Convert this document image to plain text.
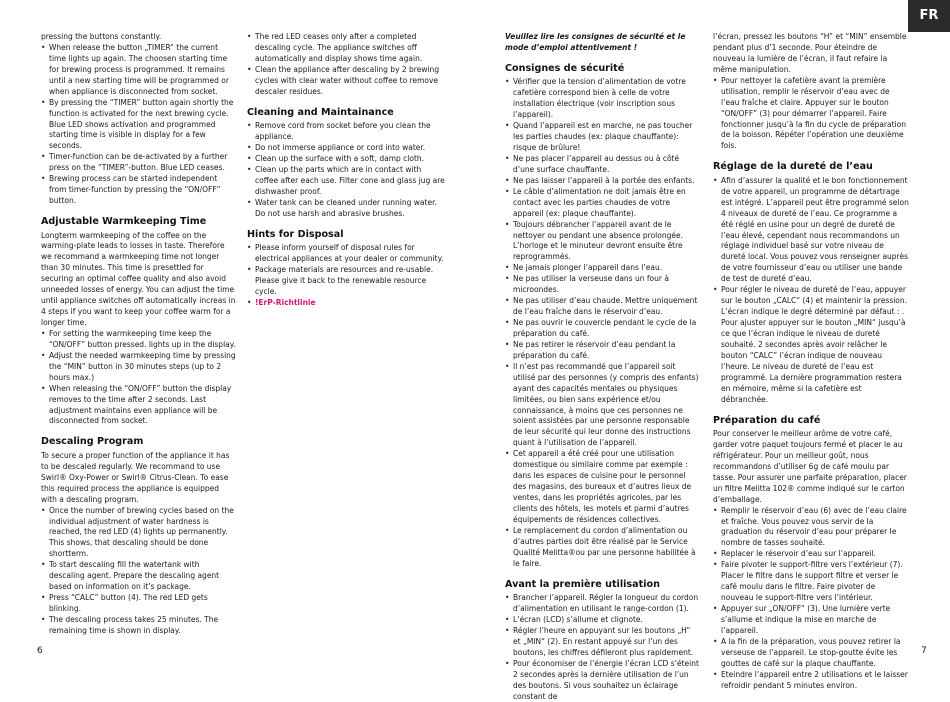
FR

pressing the buttons constantly.

• When release the button „TIMER“ the current time lights up again. The choosen starting time for brewing process is programmed. It remains until a new starting time will be programmed or when appliance is disconnected from socket.
• By pressing the “TIMER” button again shortly the function is activated for the next brewing cycle. Blue LED shows activation and programmed starting time is visible in display for a few seconds.
• Timer-function can be de-activated by a further press on the “TIMER”-button. Blue LED ceases.
• Brewing process can be started independent from timer-function by pressing the “ON/OFF” button.
Adjustable Warmkeeping Time

Longterm warmkeeping of the coffee on the warming-plate leads to losses in taste. Therefore we recommand a warmkeeping time not longer than 30 minutes. This time is presettled for securing an optimal coffee quality and also avoid unneeded losses of energy. You can adjust the time until appliance switches off automatically increas in 4 steps if you want to keep your coffee warm for a longer time.

• For setting the warmkeeping time keep the “ON/OFF” button pressed. lights up in the display.
• Adjust the needed warmkeeping time by pressing the “MIN” button in 30 minutes steps (up to 2 hours max.)
• When releasing the “ON/OFF” button the display removes to the time after 2 seconds. Last adjustment maintains even appliance will be disconnected from socket.
Descaling Program

To secure a proper function of the appliance it has to be descaled regularly. We recommand to use Swirl® Oxy-Power or Swirl® Citrus-Clean. To ease this required process the appliance is equipped with a descaling program.

• Once the number of brewing cycles based on the individual adjustment of water hardness is reached, the red LED (4) lights up permanently. This shows, that descaling should be done shortterm.
• To start descaling fill the watertank with descaling agent. Prepare the descaling agent based on information on it’s package.
• Press “CALC” button (4). The red LED gets blinking.
• The descaling process takes 25 minutes. The remaining time is shown in display.
• The red LED ceases only after a completed descaling cycle. The appliance switches off automatically and display shows time again.
• Clean the appliance after descaling by 2 brewing cycles with clear water without coffee to remove descaler residues.
Cleaning and Maintainance
• Remove cord from socket before you clean the appliance.
• Do not immerse appliance or cord into water.
• Clean up the surface with a soft, damp cloth.
• Clean up the parts which are in contact with coffee after each use. Filter cone and glass jug are dishwasher proof.
• Water tank can be cleaned under running water. Do not use harsh and abrasive brushes.
Hints for Disposal
• Please inform yourself of disposal rules for electrical appliances at your dealer or community.
• Package materials are resources and re-usable. Please give it back to the renewable resource cycle.
• !ErP-Richtlinie

Veuillez lire les consignes de sécurité et le mode d’emploi attentivement !

Consignes de sécurité
• Vérifier que la tension d’alimentation de votre cafetière correspond bien à celle de votre installation électrique (voir inscription sous l’appareil).
• Quand l’appareil est en marche, ne pas toucher les parties chaudes (ex: plaque chauffante): risque de brûlure!
• Ne pas placer l’appareil au dessus ou à côté d’une surface chauffante.
• Ne pas laisser l’appareil à la portée des enfants.
• Le câble d’alimentation ne doit jamais être en contact avec les parties chaudes de votre appareil (ex: plaque chauffante).
• Toujours débrancher l’appareil avant de le nettoyer ou pendant une absence prolongée. L’horloge et le minuteur devront ensuite être reprogrammés.
• Ne jamais plonger l’appareil dans l’eau.
• Ne pas utiliser la verseuse dans un four à microondes.
• Ne pas utiliser d’eau chaude. Mettre uniquement de l’eau fraîche dans le réservoir d’eau.
• Ne pas ouvrir le couvercle pendant le cycle de la préparation du café.
• Ne pas retirer le réservoir d’eau pendant la préparation du café.
• Il n’est pas recommandé que l’appareil soit utilisé par des personnes (y compris des enfants) ayant des capacités mentales ou physiques limitées, ou bien sans expérience et/ou connaissance, à moins que ces personnes ne soient assistées par une personne responsable de leur sécurité qui leur donne des instructions quant à l’utilisation de l’appareil.
• Cet appareil a été créé pour une utilisation domestique ou similaire comme par exemple : dans les espaces de cuisine pour le personnel des magasins, des bureaux et d’autres lieux de ventes, dans les propriétés agricoles, par les clients des hôtels, les motels et parmi d’autres équipements de résidences collectives.
• Le remplacement du cordon d’alimentation ou d’autres parties doit être réalisé par le Service Qualité Melitta®ou par une personne habilitée à le faire.
Avant la première utilisation
• Brancher l’appareil. Régler la longueur du cordon d’alimentation en utilisant le range-cordon (1).
• L’écran (LCD) s’allume et clignote.
• Régler l’heure en appuyant sur les boutons „H“ et „MIN“ (2). En restant appuyé sur l’un des boutons, les chiffres défileront plus rapidement.
• Pour économiser de l’énergie l’écran LCD s’éteint 2 secondes après la dernière utilisation de l’un des boutons. Si vous souhaitez un éclairage constant de

l’écran, pressez les boutons “H” et “MIN” ensemble pendant plus d’1 seconde. Pour éteindre de nouveau la lumière de l’écran, il faut refaire la même manipulation.

• Pour nettoyer la cafetière avant la première utilisation, remplir le réservoir d’eau avec de l’eau fraîche et claire. Appuyer sur le bouton “ON/OFF” (3) pour démarrer l’appareil. Faire fonctionner jusqu’à la fin du cycle de préparation de la boisson. Répéter l’opération une deuxième fois.
Réglage de la dureté de l’eau
• Afin d’assurer la qualité et le bon fonctionnement de votre appareil, un programme de détartrage est intégré. L’appareil peut être programmé selon 4 niveaux de dureté de l’eau. Ce programme a été réglé en usine pour un degré de dureté de l’eau élevé, cependant nous recommandons un réglage individuel basé sur votre niveau de dureté local. Vous pouvez vous renseigner auprès de votre fournisseur d’eau ou utiliser une bande de test de dureté d’eau.
• Pour régler le niveau de dureté de l’eau, appuyer sur le bouton „CALC“ (4) et maintenir la pression. L’écran indique le degré déterminé par défaut : . Pour ajuster appuyer sur le bouton „MIN“ jusqu’à ce que l’écran indique le niveau de dureté souhaité. 2 secondes après avoir relâcher le bouton “CALC” l’écran indique de nouveau l’heure. Le niveau de dureté de l’eau est programmé. La dernière programmation restera en mémoire, même si la cafetière est débranchée.
Préparation du café

Pour conserver le meilleur arôme de votre café, garder votre paquet toujours fermé et placer le au réfrigérateur. Pour un meilleur goût, nous recommandons d’utiliser 6g de café moulu par tasse. Pour assurer une parfaite préparation, placer un filtre Melitta 102® comme indiqué sur le carton d’emballage.

• Remplir le réservoir d’eau (6) avec de l’eau claire et fraîche. Vous pouvez vous servir de la graduation du réservoir d’eau pour préparer le nombre de tasses souhaité.
• Replacer le réservoir d’eau sur l’appareil.
• Faire pivoter le support-filtre vers l’extérieur (7). Placer le filtre dans le support filtre et verser le café moulu dans le filtre. Faire pivoter de nouveau le support-filtre vers l’intérieur.
• Appuyer sur „ON/OFF“ (3). Une lumière verte s’allume et indique la mise en marche de l’appareil.
• A la fin de la préparation, vous pouvez retirer la verseuse de l’appareil. Le stop-goutte évite les gouttes de café sur la plaque chauffante.
• Eteindre l’appareil entre 2 utilisations et le laisser refroidir pendant 5 minutes environ.
6	7
